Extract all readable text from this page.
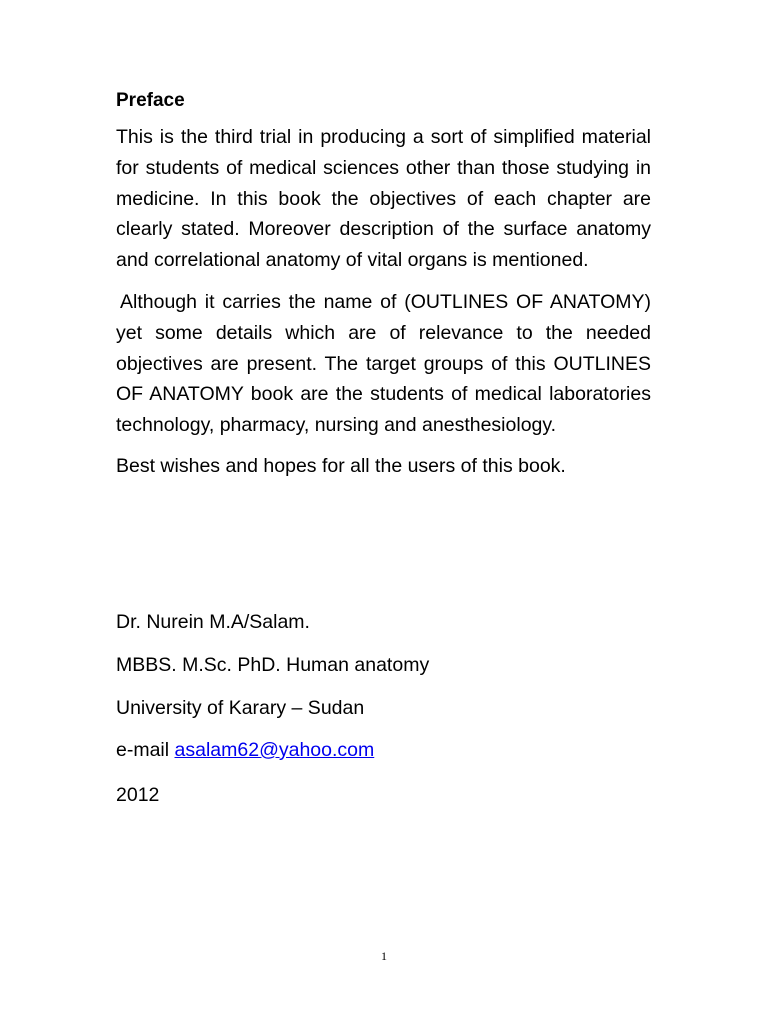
Preface

This is the third trial in producing a sort of simplified material for students of medical sciences other than those studying in medicine. In this book the objectives of each chapter are clearly stated. Moreover description of the surface anatomy and correlational anatomy of vital organs is mentioned.

Although it carries the name of (OUTLINES OF ANATOMY) yet some details which are of relevance to the needed objectives are present. The target groups of this OUTLINES OF ANATOMY book are the students of medical laboratories technology, pharmacy, nursing and anesthesiology.

Best wishes and hopes for all the users of this book.

Dr. Nurein M.A/Salam.
MBBS. M.Sc. PhD. Human anatomy
University of Karary – Sudan
e-mail asalam62@yahoo.com
2012
1
